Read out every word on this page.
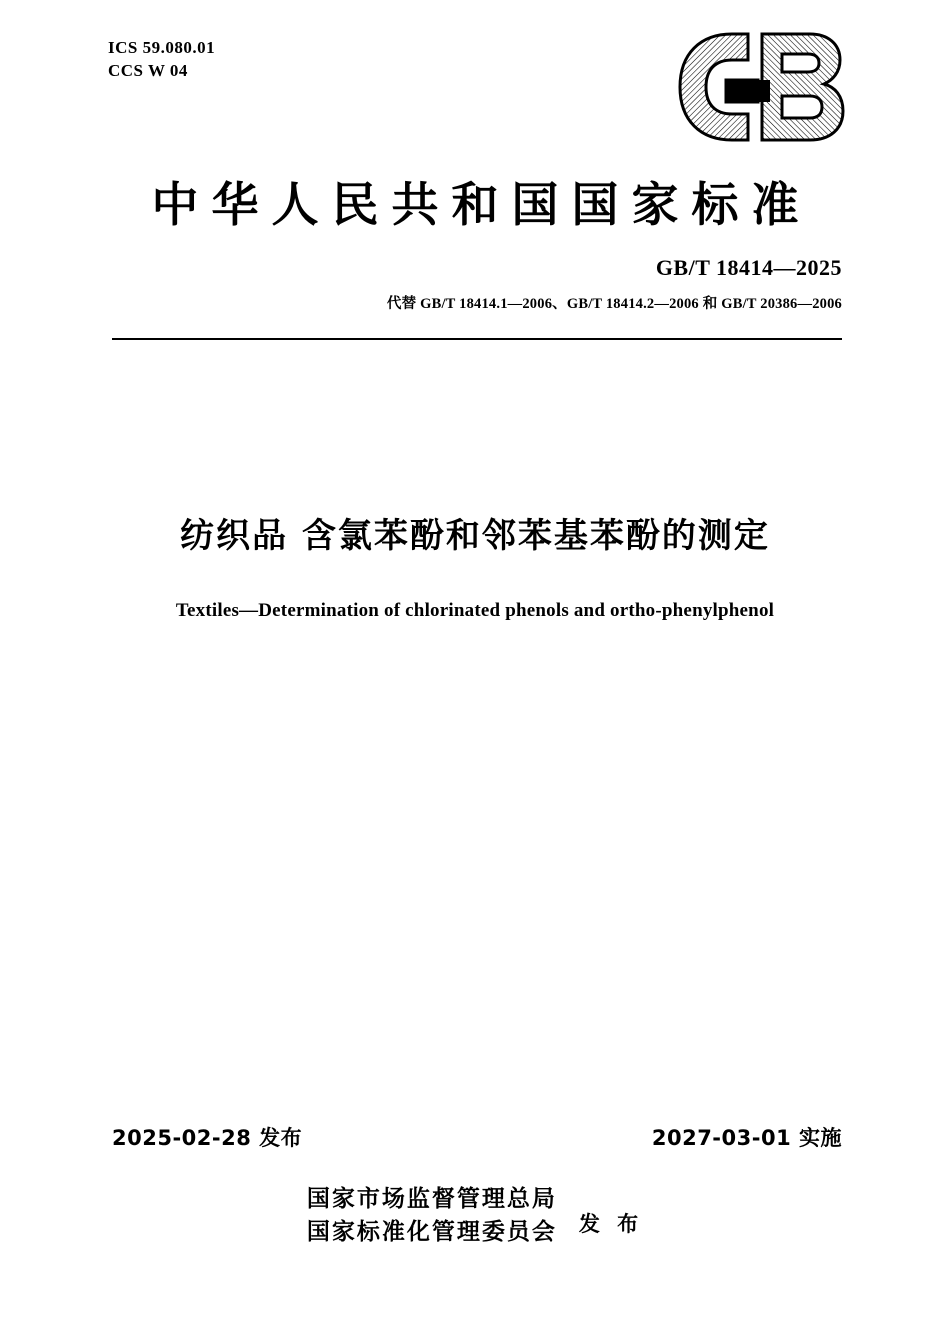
ICS 59.080.01
CCS W 04
中华人民共和国国家标准
GB/T 18414—2025
代替 GB/T 18414.1—2006、GB/T 18414.2—2006 和 GB/T 20386—2006
纺织品 含氯苯酚和邻苯基苯酚的测定
Textiles—Determination of chlorinated phenols and ortho-phenylphenol
2025-02-28 发布	2027-03-01 实施
国家市场监督管理总局
国家标准化管理委员会 发 布
